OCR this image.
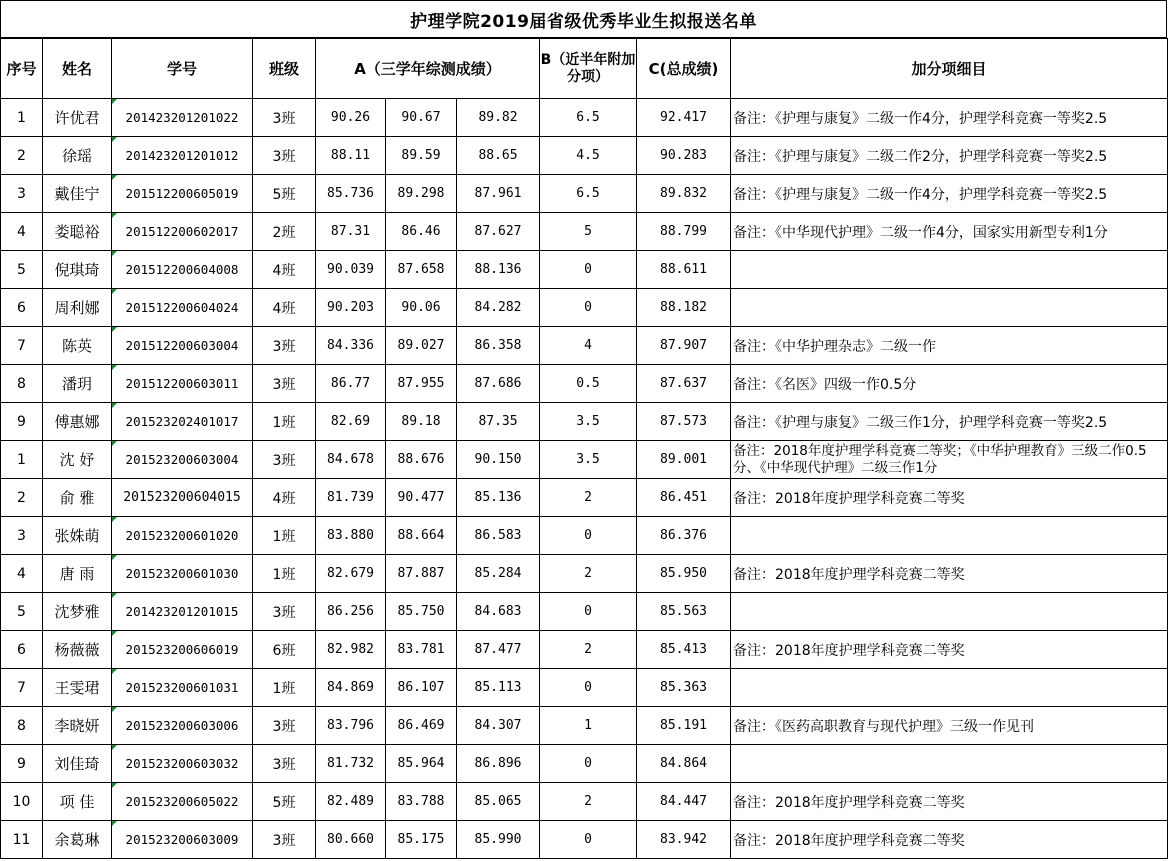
护理学院2019届省级优秀毕业生拟报送名单
序号	姓名	学号	班级	A（三学年综测成绩）			B（近半年附加分项）	C(总成绩)	加分项细目
1	许优君	201423201201022	3班	90.26	90.67	89.82	6.5	92.417	备注：《护理与康复》二级一作4分，护理学科竞赛一等奖2.5
2	徐瑶	201423201201012	3班	88.11	89.59	88.65	4.5	90.283	备注：《护理与康复》二级二作2分，护理学科竞赛一等奖2.5
3	戴佳宁	201512200605019	5班	85.736	89.298	87.961	6.5	89.832	备注：《护理与康复》二级一作4分，护理学科竞赛一等奖2.5
4	娄聪裕	201512200602017	2班	87.31	86.46	87.627	5	88.799	备注：《中华现代护理》二级一作4分，国家实用新型专利1分
5	倪琪琦	201512200604008	4班	90.039	87.658	88.136	0	88.611	
6	周利娜	201512200604024	4班	90.203	90.06	84.282	0	88.182	
7	陈英	201512200603004	3班	84.336	89.027	86.358	4	87.907	备注：《中华护理杂志》二级一作
8	潘玥	201512200603011	3班	86.77	87.955	87.686	0.5	87.637	备注：《名医》四级一作0.5分
9	傅惠娜	201523202401017	1班	82.69	89.18	87.35	3.5	87.573	备注：《护理与康复》二级三作1分，护理学科竞赛一等奖2.5
1	沈 妤	201523200603004	3班	84.678	88.676	90.150	3.5	89.001	备注：2018年度护理学科竞赛二等奖；《中华护理教育》三级二作0.5分、《中华现代护理》二级三作1分
2	俞 雅	201523200604015	4班	81.739	90.477	85.136	2	86.451	备注：2018年度护理学科竞赛二等奖
3	张姝萌	201523200601020	1班	83.880	88.664	86.583	0	86.376	
4	唐 雨	201523200601030	1班	82.679	87.887	85.284	2	85.950	备注：2018年度护理学科竞赛二等奖
5	沈梦雅	201423201201015	3班	86.256	85.750	84.683	0	85.563	
6	杨薇薇	201523200606019	6班	82.982	83.781	87.477	2	85.413	备注：2018年度护理学科竞赛二等奖
7	王雯珺	201523200601031	1班	84.869	86.107	85.113	0	85.363	
8	李晓妍	201523200603006	3班	83.796	86.469	84.307	1	85.191	备注：《医药高职教育与现代护理》三级一作见刊
9	刘佳琦	201523200603032	3班	81.732	85.964	86.896	0	84.864	
10	项 佳	201523200605022	5班	82.489	83.788	85.065	2	84.447	备注：2018年度护理学科竞赛二等奖
11	余葛琳	201523200603009	3班	80.660	85.175	85.990	0	83.942	备注：2018年度护理学科竞赛二等奖
